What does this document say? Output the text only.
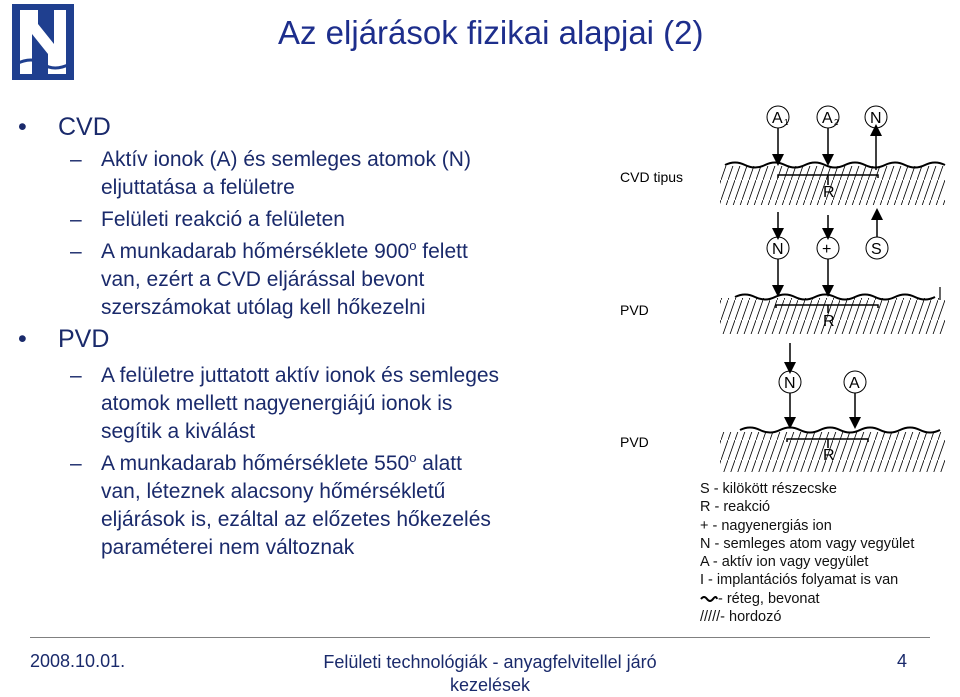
Az eljárások fizikai alapjai (2)
• CVD
– Aktív ionok (A) és semleges atomok (N)
eljuttatása a felületre
– Felületi reakció a felületen
– A munkadarab hőmérséklete 900$^o$ felett
van, ezért a CVD eljárással bevont
szerszámokat utólag kell hőkezelni
• PVD
– A felületre juttatott aktív ionok és semleges
atomok mellett nagyenergiájú ionok is
segítik a kiválást
– A munkadarab hőmérséklete 550$^o$ alatt
van, léteznek alacsony hőmérsékletű
eljárások is, ezáltal az előzetes hőkezelés
paraméterei nem változnak
CVD tipus
PVD
PVD
R
A 1 A 2 N
R
N + S
R
N	A
S - kilökött részecske
R - reakció
+ - nagyenergiás ion
N - semleges atom vagy vegyület
A - aktív ion vagy vegyület
I - implantációs folyamat is van
- réteg, bevonat
/////- hordozó
2008.10.01.	Felületi technológiák - anyagfelvitellel járó
kezelések
4
